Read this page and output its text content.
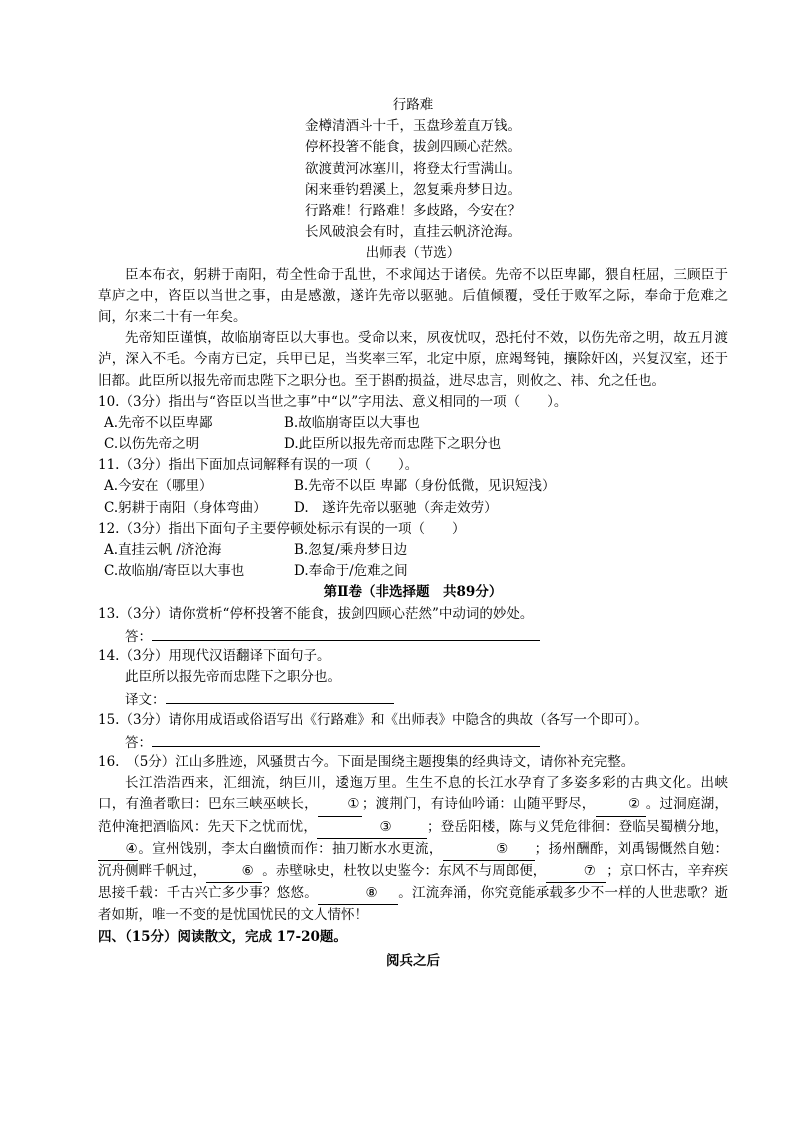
行路难
金樽清酒斗十千，玉盘珍羞直万钱。
停杯投箸不能食，拔剑四顾心茫然。
欲渡黄河冰塞川，将登太行雪满山。
闲来垂钓碧溪上，忽复乘舟梦日边。
行路难！行路难！多歧路，今安在？
长风破浪会有时，直挂云帆济沧海。
出师表（节选）
臣本布衣，躬耕于南阳，苟全性命于乱世，不求闻达于诸侯。先帝不以臣卑鄙，猥自枉屈，三顾臣于草庐之中，咨臣以当世之事，由是感激，遂许先帝以驱驰。后值倾覆，受任于败军之际，奉命于危难之间，尔来二十有一年矣。
先帝知臣谨慎，故临崩寄臣以大事也。受命以来，夙夜忧叹，恐托付不效，以伤先帝之明，故五月渡泸，深入不毛。今南方已定，兵甲已足，当奖率三军，北定中原，庶竭驽钝，攘除奸凶，兴复汉室，还于旧都。此臣所以报先帝而忠陛下之职分也。至于斟酌损益，进尽忠言，则攸之、祎、允之任也。
10.（3分）指出与“咨臣以当世之事”中“以”字用法、意义相同的一项（　　）。
A.先帝不以臣卑鄙	B.故临崩寄臣以大事也
C.以伤先帝之明	D.此臣所以报先帝而忠陛下之职分也
11.（3分）指出下面加点词解释有误的一项（　　）。
A.今安在（哪里）	B.先帝不以臣 卑鄙（身份低微，见识短浅）
C.躬耕于南阳（身体弯曲）	D.　遂许先帝以驱驰（奔走效劳）
12.（3分）指出下面句子主要停顿处标示有误的一项（　　）
A.直挂云帆 /济沧海	B.忽复/乘舟梦日边
C.故临崩/寄臣以大事也	D.奉命于/危难之间
第Ⅱ卷（非选择题　共89分）
13.（3分）请你赏析“停杯投箸不能食，拔剑四顾心茫然”中动词的妙处。
答：
14.（3分）用现代汉语翻译下面句子。
此臣所以报先帝而忠陛下之职分也。
译文：
15.（3分）请你用成语或俗语写出《行路难》和《出师表》中隐含的典故（各写一个即可）。
答：
16.　（5分）江山多胜迹，风骚贯古今。下面是围绕主题搜集的经典诗文，请你补充完整。
长江浩浩西来，汇细流，纳巨川，逶迤万里。生生不息的长江水孕育了多姿多彩的古典文化。出峡口，有渔者歌曰：巴东三峡巫峡长， ① ；渡荆门，有诗仙吟诵：山随平野尽， ② 。过洞庭湖，范仲淹把酒临风：先天下之忧而忧，	③	；登岳阳楼，陈与义凭危徘徊：登临吴蜀横分地，④。宣州饯别，李太白幽愤而作：抽刀断水水更流，	⑤ ；扬州酬酢，刘禹锡慨然自勉：沉舟侧畔千帆过，	⑥ 。赤壁咏史，杜牧以史鉴今：东风不与周郎便，	⑦ ；京口怀古，辛弃疾思接千载：千古兴亡多少事？悠悠。	⑧ 。江流奔涌，你究竟能承载多少不一样的人世悲歌？逝者如斯，唯一不变的是忧国忧民的文人情怀！
四、（15分）阅读散文，完成 17-20题。
阅兵之后
